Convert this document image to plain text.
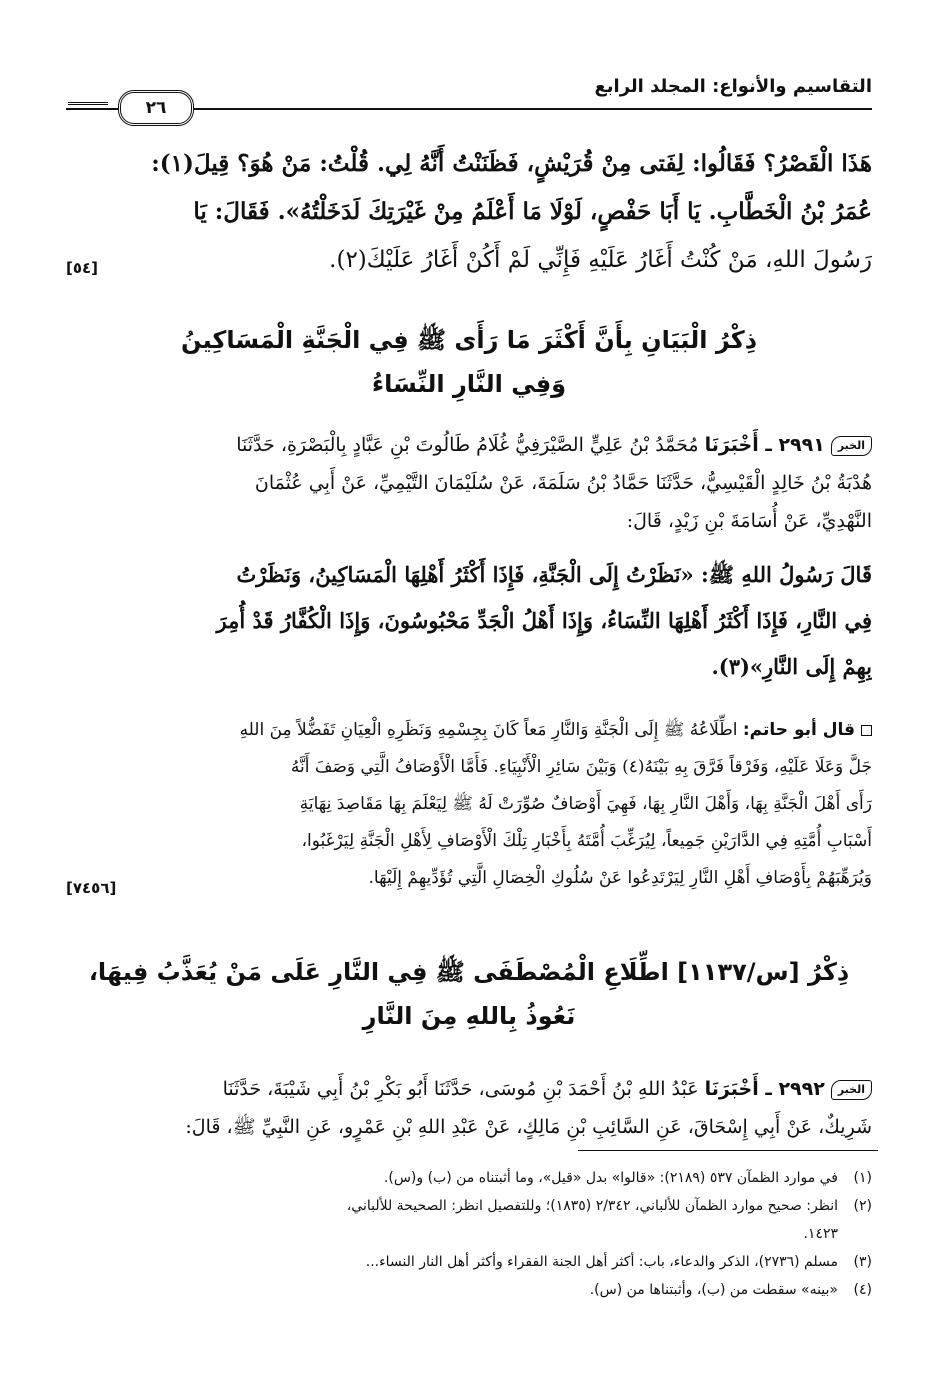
التقاسيم والأنواع: المجلد الرابع
٢٦
هَذَا الْقَصْرُ؟ فَقَالُوا: لِفَتى مِنْ قُرَيْشٍ، فَظَنَنْتُ أَنَّهُ لِي. قُلْتُ: مَنْ هُوَ؟ قِيلَ(١):
عُمَرُ بْنُ الْخَطَّابِ. يَا أَبَا حَفْصٍ، لَوْلَا مَا أَعْلَمُ مِنْ غَيْرَتِكَ لَدَخَلْتُهُ». فَقَالَ: يَا
رَسُولَ اللهِ، مَنْ كُنْتُ أَغَارُ عَلَيْهِ فَإِنِّي لَمْ أَكُنْ أَغَارُ عَلَيْكَ(٢).
[٥٤]
ذِكْرُ الْبَيَانِ بِأَنَّ أَكْثَرَ مَا رَأَى ﷺ فِي الْجَنَّةِ الْمَسَاكِينُ
وَفِي النَّارِ النِّسَاءُ
الخبر٢٩٩١ ـ أَخْبَرَنَا مُحَمَّدُ بْنُ عَلِيٍّ الصَّيْرَفِيُّ غُلَامُ طَالُوتَ بْنِ عَبَّادٍ بِالْبَصْرَةِ، حَدَّثَنَا
هُدْبَةُ بْنُ خَالِدٍ الْقَيْسِيُّ، حَدَّثَنَا حَمَّادُ بْنُ سَلَمَةَ، عَنْ سُلَيْمَانَ التَّيْمِيِّ، عَنْ أَبِي عُثْمَانَ
النَّهْدِيِّ، عَنْ أُسَامَةَ بْنِ زَيْدٍ، قَالَ:
قَالَ رَسُولُ اللهِ ﷺ: «نَظَرْتُ إِلَى الْجَنَّةِ، فَإِذَا أَكْثَرُ أَهْلِهَا الْمَسَاكِينُ، وَنَظَرْتُ
فِي النَّارِ، فَإِذَا أَكْثَرُ أَهْلِهَا النِّسَاءُ، وَإِذَا أَهْلُ الْجَدِّ مَحْبُوسُونَ، وَإِذَا الْكُفَّارُ قَدْ أُمِرَ
بِهِمْ إِلَى النَّارِ»(٣).
قال أبو حاتم: اطِّلَاعُهُ ﷺ إِلَى الْجَنَّةِ وَالنَّارِ مَعاً كَانَ بِجِسْمِهِ وَنَظَرِهِ الْعِيَانِ تَفَضُّلاً مِنَ اللهِ
جَلَّ وَعَلَا عَلَيْهِ، وَفَرْقاً فَرَّقَ بِهِ بَيْنَهُ(٤) وَبَيْنَ سَائِرِ الْأَنْبِيَاءِ. فَأَمَّا الْأَوْصَافُ الَّتِي وَصَفَ أَنَّهُ
رَأَى أَهْلَ الْجَنَّةِ بِهَا، وَأَهْلَ النَّارِ بِهَا، فَهِيَ أَوْصَافٌ صُوِّرَتْ لَهُ ﷺ لِيَعْلَمَ بِهَا مَقَاصِدَ نِهَايَةِ
أَسْبَابِ أُمَّتِهِ فِي الدَّارَيْنِ جَمِيعاً، لِيُرَغِّبَ أُمَّتَهُ بِأَخْبَارِ تِلْكَ الْأَوْصَافِ لِأَهْلِ الْجَنَّةِ لِيَرْغَبُوا،
وَيُرَهِّبَهُمْ بِأَوْصَافِ أَهْلِ النَّارِ لِيَرْتَدِعُوا عَنْ سُلُوكِ الْخِصَالِ الَّتِي تُؤَدِّيهِمْ إِلَيْهَا.
[٧٤٥٦]
ذِكْرُ [س/١١٣٧] اطِّلَاعِ الْمُصْطَفَى ﷺ فِي النَّارِ عَلَى مَنْ يُعَذَّبُ فِيهَا،
نَعُوذُ بِاللهِ مِنَ النَّارِ
الخبر٢٩٩٢ ـ أَخْبَرَنَا عَبْدُ اللهِ بْنُ أَحْمَدَ بْنِ مُوسَى، حَدَّثَنَا أَبُو بَكْرِ بْنُ أَبِي شَيْبَةَ، حَدَّثَنَا
شَرِيكٌ، عَنْ أَبِي إِسْحَاقَ، عَنِ السَّائِبِ بْنِ مَالِكٍ، عَنْ عَبْدِ اللهِ بْنِ عَمْرٍو، عَنِ النَّبِيِّ ﷺ، قَالَ:
(١)في موارد الظمآن ٥٣٧ (٢١٨٩): «قالوا» بدل «قيل»، وما أثبتناه من (ب) و(س).
(٢)انظر: صحيح موارد الظمآن للألباني، ٢/٣٤٢ (١٨٣٥)؛ وللتفصيل انظر: الصحيحة للألباني،
١٤٢٣.
(٣)مسلم (٢٧٣٦)، الذكر والدعاء، باب: أكثر أهل الجنة الفقراء وأكثر أهل النار النساء...
(٤)«بينه» سقطت من (ب)، وأثبتناها من (س).
